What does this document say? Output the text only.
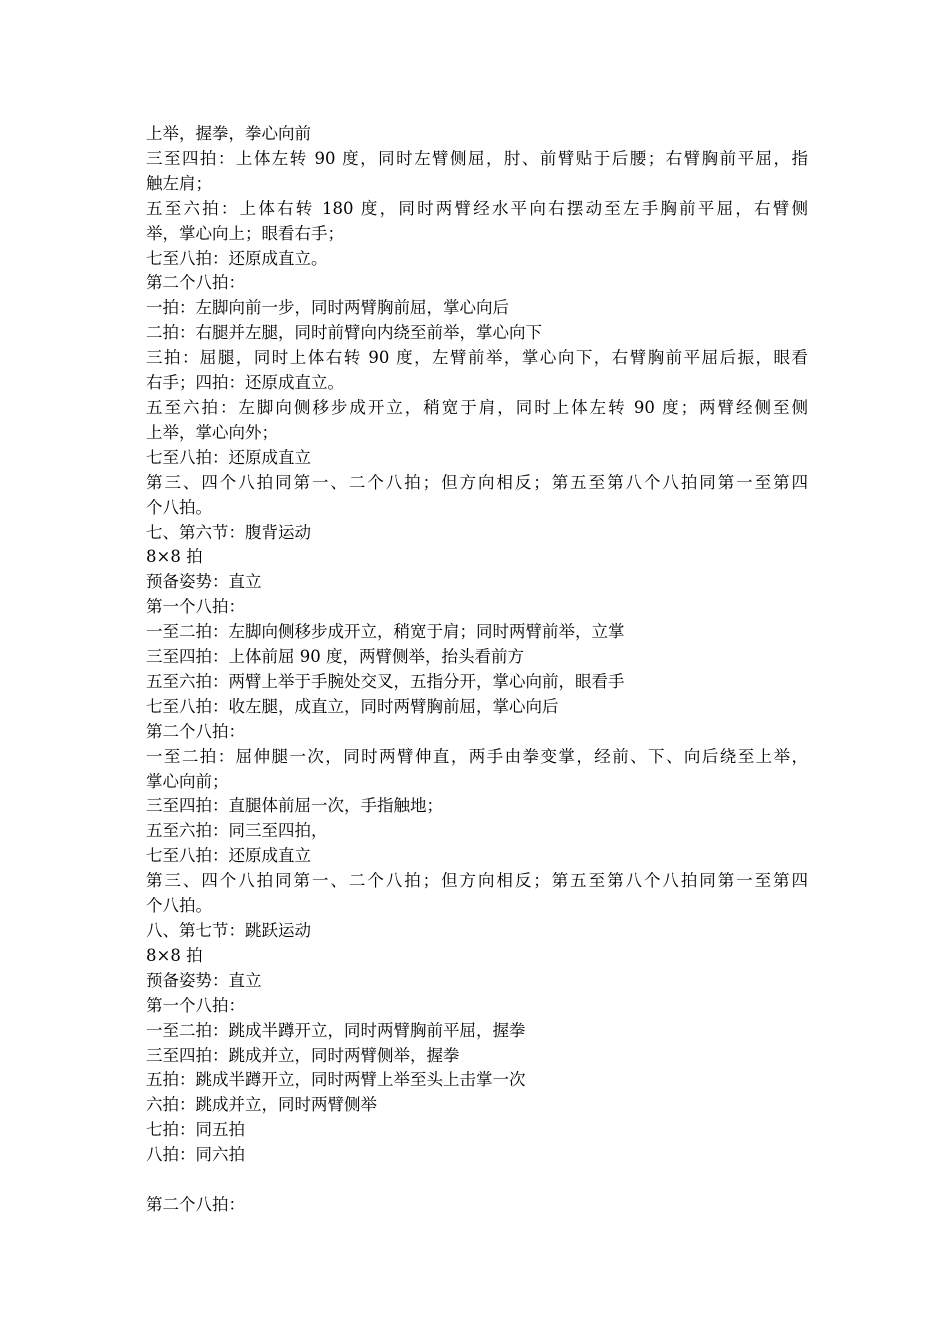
上举，握拳，拳心向前
三至四拍：上体左转 90 度，同时左臂侧屈，肘、前臂贴于后腰；右臂胸前平屈，指
触左肩；
五至六拍：上体右转 180 度，同时两臂经水平向右摆动至左手胸前平屈，右臂侧
举，掌心向上；眼看右手；
七至八拍：还原成直立。
第二个八拍：
一拍：左脚向前一步，同时两臂胸前屈，掌心向后
二拍：右腿并左腿，同时前臂向内绕至前举，掌心向下
三拍：屈腿，同时上体右转 90 度，左臂前举，掌心向下，右臂胸前平屈后振，眼看
右手；四拍：还原成直立。
五至六拍：左脚向侧移步成开立，稍宽于肩，同时上体左转 90 度；两臂经侧至侧
上举，掌心向外；
七至八拍：还原成直立
第三、四个八拍同第一、二个八拍；但方向相反；第五至第八个八拍同第一至第四
个八拍。
七、第六节：腹背运动
8×8 拍
预备姿势：直立
第一个八拍：
一至二拍：左脚向侧移步成开立，稍宽于肩；同时两臂前举，立掌
三至四拍：上体前屈 90 度，两臂侧举，抬头看前方
五至六拍：两臂上举于手腕处交叉，五指分开，掌心向前，眼看手
七至八拍：收左腿，成直立，同时两臂胸前屈，掌心向后
第二个八拍：
一至二拍：屈伸腿一次，同时两臂伸直，两手由拳变掌，经前、下、向后绕至上举，
掌心向前；
三至四拍：直腿体前屈一次，手指触地；
五至六拍：同三至四拍，
七至八拍：还原成直立
第三、四个八拍同第一、二个八拍；但方向相反；第五至第八个八拍同第一至第四
个八拍。
八、第七节：跳跃运动
8×8 拍
预备姿势：直立
第一个八拍：
一至二拍：跳成半蹲开立，同时两臂胸前平屈，握拳
三至四拍：跳成并立，同时两臂侧举，握拳
五拍：跳成半蹲开立，同时两臂上举至头上击掌一次
六拍：跳成并立，同时两臂侧举
七拍：同五拍
八拍：同六拍
第二个八拍：
